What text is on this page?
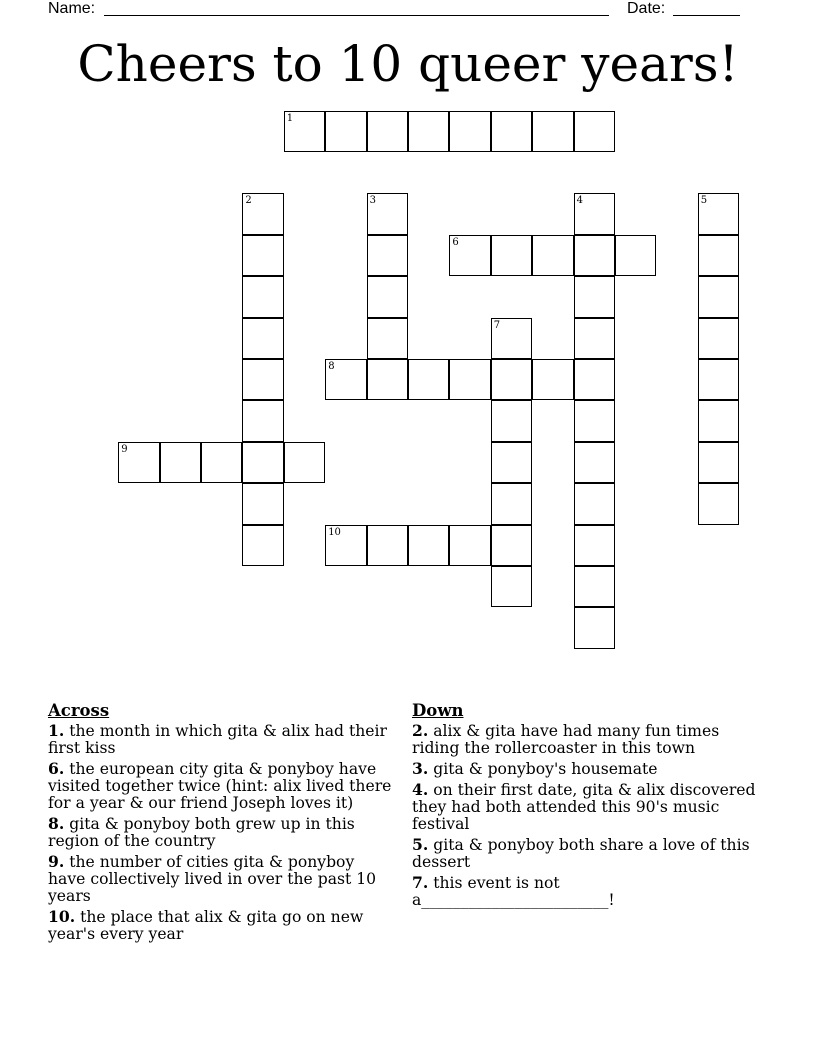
Name:	Date:
Cheers to 10 queer years!
1
2	3	4	5
6
7
8
9
10
Across
1. the month in which gita & alix had their first kiss
6. the european city gita & ponyboy have visited together twice (hint: alix lived there for a year & our friend Joseph loves it)
8. gita & ponyboy both grew up in this region of the country
9. the number of cities gita & ponyboy have collectively lived in over the past 10 years
10. the place that alix & gita go on new year's every year
Down
2. alix & gita have had many fun times riding the rollercoaster in this town
3. gita & ponyboy's housemate
4. on their first date, gita & alix discovered they had both attended this 90's music festival
5. gita & ponyboy both share a love of this dessert
7. this event is not a________________________!
